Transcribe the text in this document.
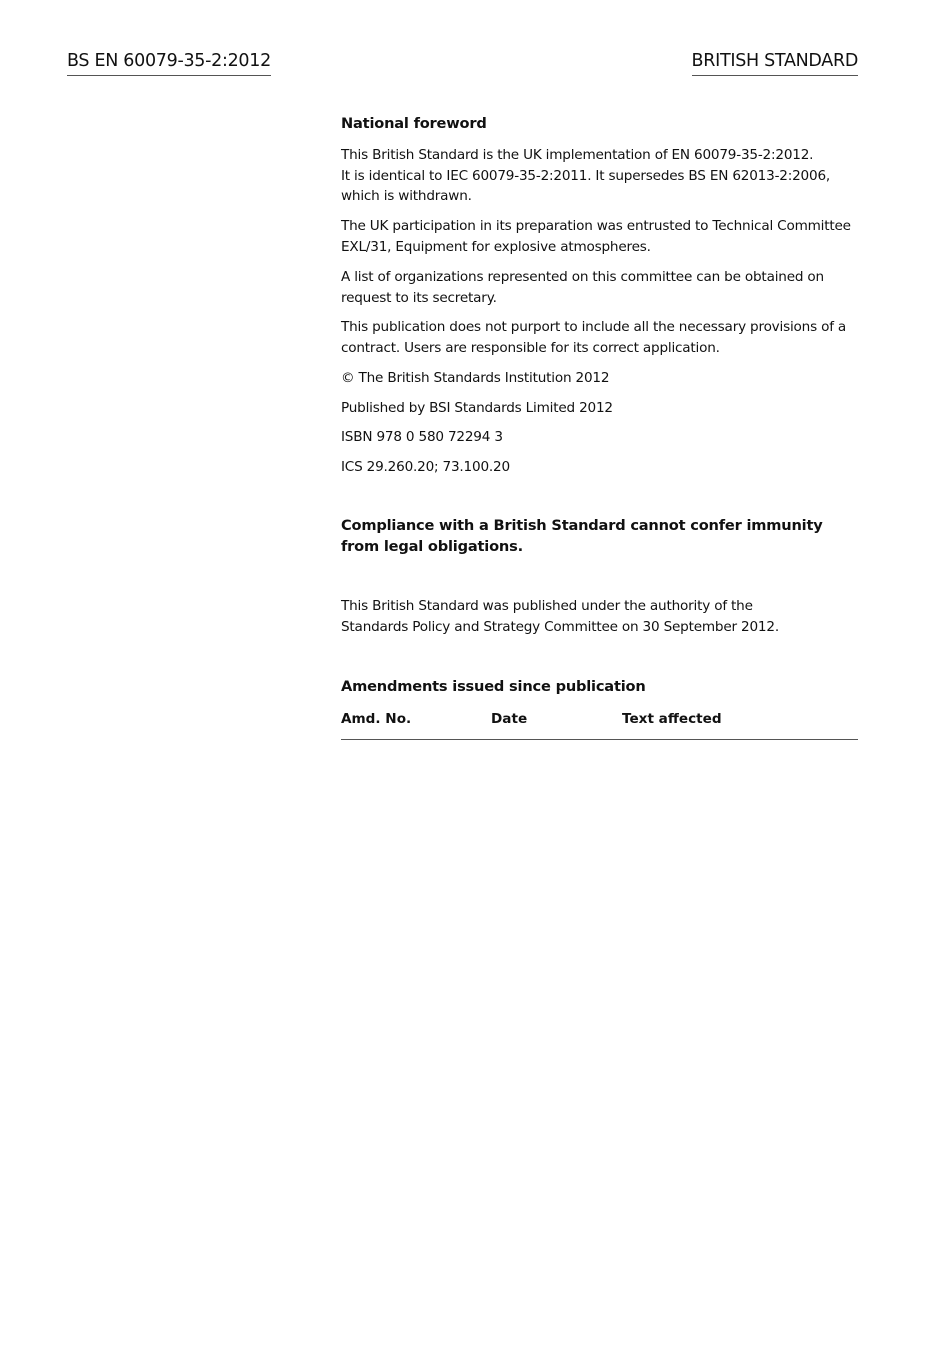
BS EN 60079-35-2:2012	BRITISH STANDARD
National foreword
This British Standard is the UK implementation of EN 60079-35-2:2012.
It is identical to IEC 60079-35-2:2011. It supersedes BS EN 62013-2:2006,
which is withdrawn.
The UK participation in its preparation was entrusted to Technical Committee
EXL/31, Equipment for explosive atmospheres.
A list of organizations represented on this committee can be obtained on
request to its secretary.
This publication does not purport to include all the necessary provisions of a
contract. Users are responsible for its correct application.
© The British Standards Institution 2012
Published by BSI Standards Limited 2012
ISBN 978 0 580 72294 3
ICS 29.260.20; 73.100.20
Compliance with a British Standard cannot confer immunity
from legal obligations.
This British Standard was published under the authority of the
Standards Policy and Strategy Committee on 30 September 2012.
Amendments issued since publication
Amd. No.	Date	Text affected
